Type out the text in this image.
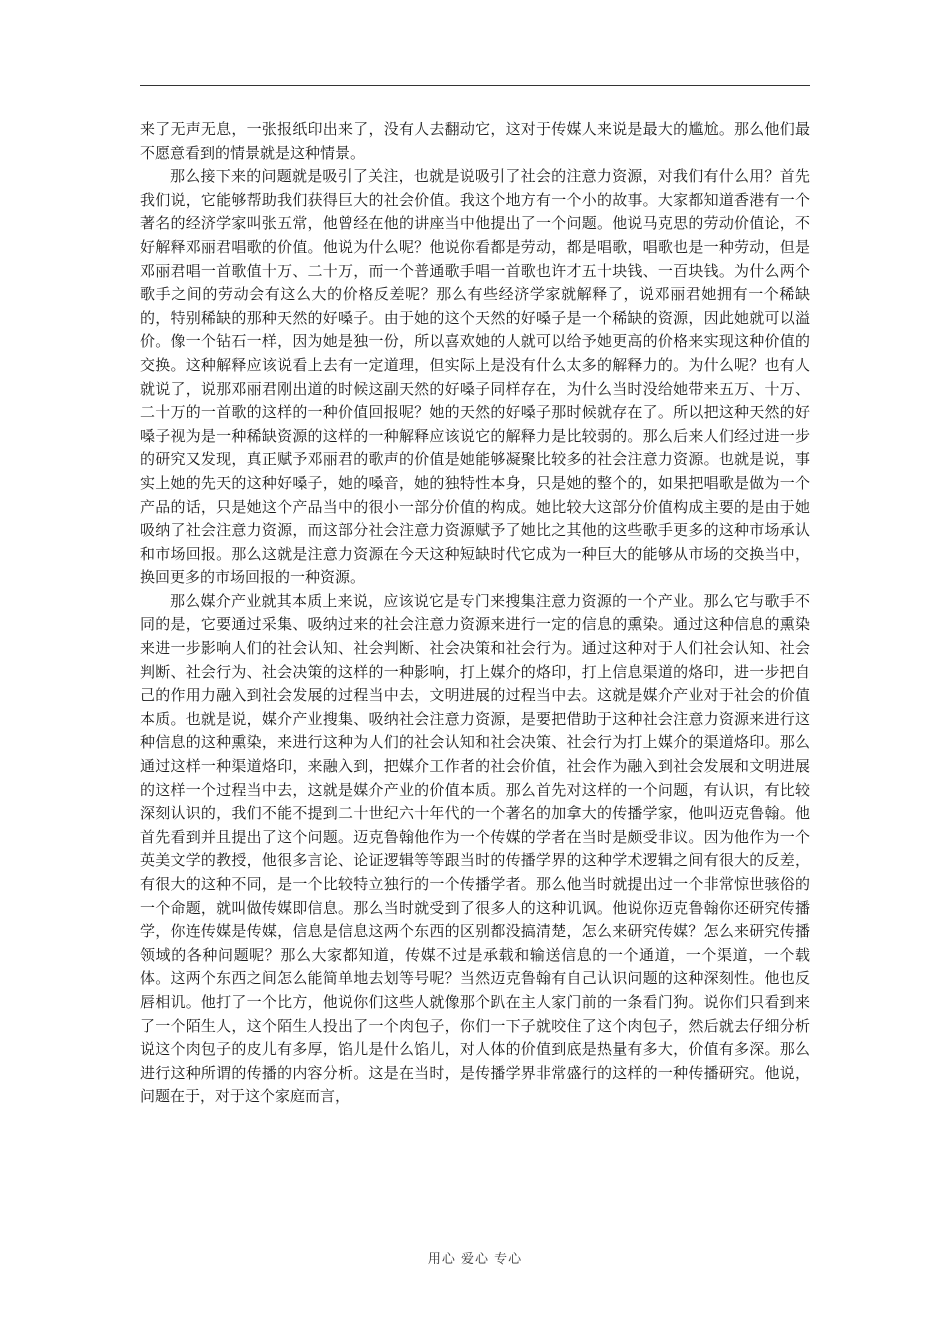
来了无声无息，一张报纸印出来了，没有人去翻动它，这对于传媒人来说是最大的尴尬。那么他们最不愿意看到的情景就是这种情景。

那么接下来的问题就是吸引了关注，也就是说吸引了社会的注意力资源，对我们有什么用？首先我们说，它能够帮助我们获得巨大的社会价值。我这个地方有一个小的故事。大家都知道香港有一个著名的经济学家叫张五常，他曾经在他的讲座当中他提出了一个问题。他说马克思的劳动价值论，不好解释邓丽君唱歌的价值。他说为什么呢？他说你看都是劳动，都是唱歌，唱歌也是一种劳动，但是邓丽君唱一首歌值十万、二十万，而一个普通歌手唱一首歌也许才五十块钱、一百块钱。为什么两个歌手之间的劳动会有这么大的价格反差呢？那么有些经济学家就解释了，说邓丽君她拥有一个稀缺的，特别稀缺的那种天然的好嗓子。由于她的这个天然的好嗓子是一个稀缺的资源，因此她就可以溢价。像一个钻石一样，因为她是独一份，所以喜欢她的人就可以给予她更高的价格来实现这种价值的交换。这种解释应该说看上去有一定道理，但实际上是没有什么太多的解释力的。为什么呢？也有人就说了，说那邓丽君刚出道的时候这副天然的好嗓子同样存在，为什么当时没给她带来五万、十万、二十万的一首歌的这样的一种价值回报呢？她的天然的好嗓子那时候就存在了。所以把这种天然的好嗓子视为是一种稀缺资源的这样的一种解释应该说它的解释力是比较弱的。那么后来人们经过进一步的研究又发现，真正赋予邓丽君的歌声的价值是她能够凝聚比较多的社会注意力资源。也就是说，事实上她的先天的这种好嗓子，她的嗓音，她的独特性本身，只是她的整个的，如果把唱歌是做为一个产品的话，只是她这个产品当中的很小一部分价值的构成。她比较大这部分价值构成主要的是由于她吸纳了社会注意力资源，而这部分社会注意力资源赋予了她比之其他的这些歌手更多的这种市场承认和市场回报。那么这就是注意力资源在今天这种短缺时代它成为一种巨大的能够从市场的交换当中，换回更多的市场回报的一种资源。

那么媒介产业就其本质上来说，应该说它是专门来搜集注意力资源的一个产业。那么它与歌手不同的是，它要通过采集、吸纳过来的社会注意力资源来进行一定的信息的熏染。通过这种信息的熏染来进一步影响人们的社会认知、社会判断、社会决策和社会行为。通过这种对于人们社会认知、社会判断、社会行为、社会决策的这样的一种影响，打上媒介的烙印，打上信息渠道的烙印，进一步把自己的作用力融入到社会发展的过程当中去，文明进展的过程当中去。这就是媒介产业对于社会的价值本质。也就是说，媒介产业搜集、吸纳社会注意力资源，是要把借助于这种社会注意力资源来进行这种信息的这种熏染，来进行这种为人们的社会认知和社会决策、社会行为打上媒介的渠道烙印。那么通过这样一种渠道烙印，来融入到，把媒介工作者的社会价值，社会作为融入到社会发展和文明进展的这样一个过程当中去，这就是媒介产业的价值本质。那么首先对这样的一个问题，有认识，有比较深刻认识的，我们不能不提到二十世纪六十年代的一个著名的加拿大的传播学家，他叫迈克鲁翰。他首先看到并且提出了这个问题。迈克鲁翰他作为一个传媒的学者在当时是颇受非议。因为他作为一个英美文学的教授，他很多言论、论证逻辑等等跟当时的传播学界的这种学术逻辑之间有很大的反差，有很大的这种不同，是一个比较特立独行的一个传播学者。那么他当时就提出过一个非常惊世骇俗的一个命题，就叫做传媒即信息。那么当时就受到了很多人的这种讥讽。他说你迈克鲁翰你还研究传播学，你连传媒是传媒，信息是信息这两个东西的区别都没搞清楚，怎么来研究传媒？怎么来研究传播领域的各种问题呢？那么大家都知道，传媒不过是承载和输送信息的一个通道，一个渠道，一个载体。这两个东西之间怎么能简单地去划等号呢？当然迈克鲁翰有自己认识问题的这种深刻性。他也反唇相讥。他打了一个比方，他说你们这些人就像那个趴在主人家门前的一条看门狗。说你们只看到来了一个陌生人，这个陌生人投出了一个肉包子，你们一下子就咬住了这个肉包子，然后就去仔细分析说这个肉包子的皮儿有多厚，馅儿是什么馅儿，对人体的价值到底是热量有多大，价值有多深。那么进行这种所谓的传播的内容分析。这是在当时，是传播学界非常盛行的这样的一种传播研究。他说，问题在于，对于这个家庭而言，

用心 爱心 专心
